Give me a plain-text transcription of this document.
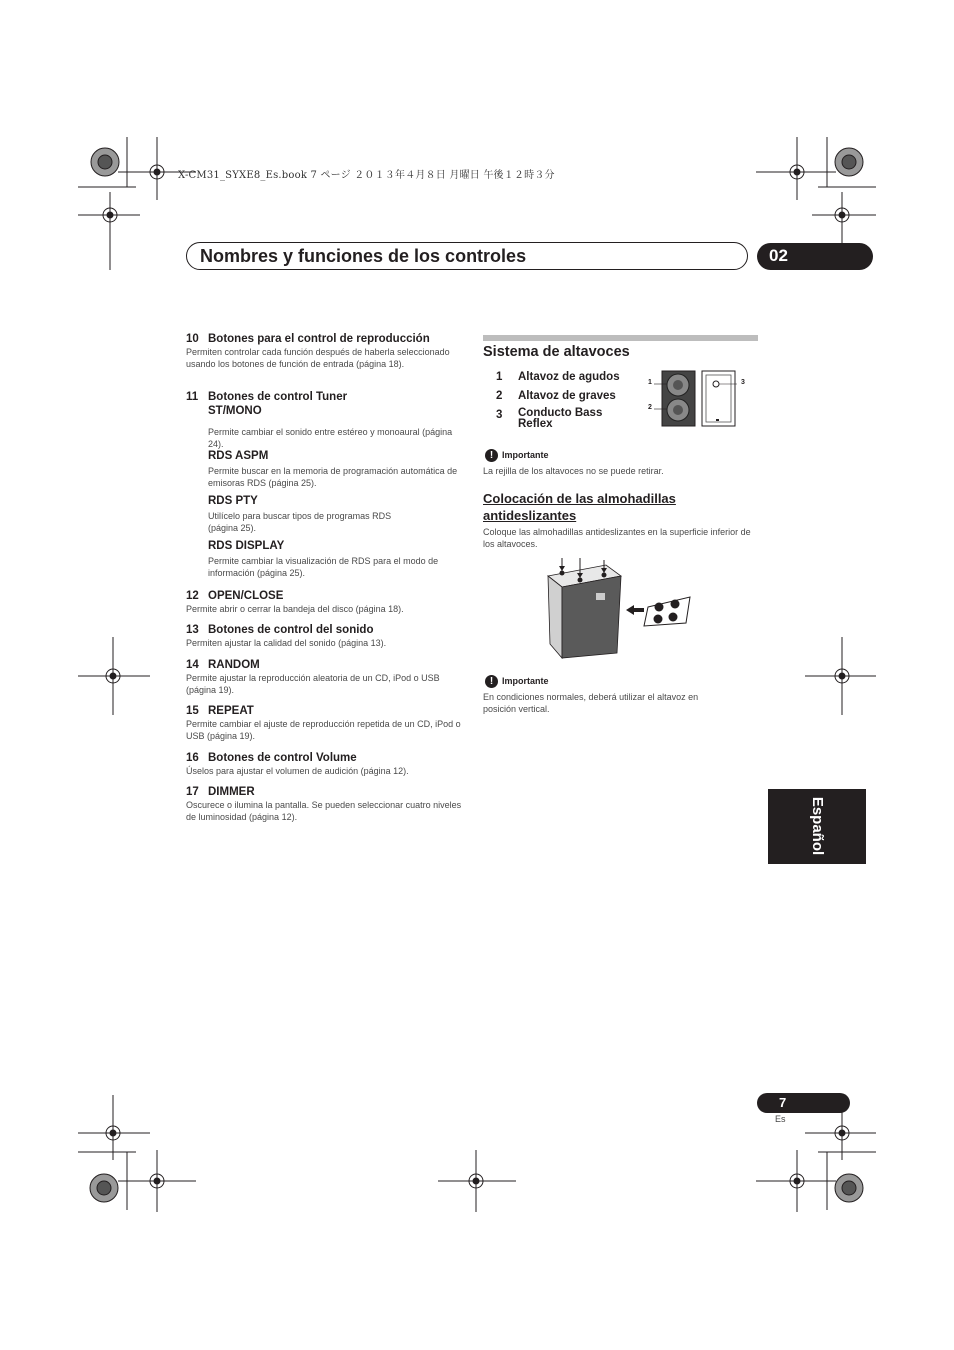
X-CM31_SYXE8_Es.book 7 ページ ２０１３年４月８日 月曜日 午後１２時３分
Nombres y funciones de los controles	02
10 Botones para el control de reproducción
Permiten controlar cada función después de haberla seleccionado usando los botones de función de entrada (página 18).
11 Botones de control Tuner
ST/MONO
Permite cambiar el sonido entre estéreo y monoaural (página 24).
RDS ASPM
Permite buscar en la memoria de programación automática de emisoras RDS (página 25).
RDS PTY
Utilícelo para buscar tipos de programas RDS (página 25).
RDS DISPLAY
Permite cambiar la visualización de RDS para el modo de información (página 25).
12 OPEN/CLOSE
Permite abrir o cerrar la bandeja del disco (página 18).
13 Botones de control del sonido
Permiten ajustar la calidad del sonido (página 13).
14 RANDOM
Permite ajustar la reproducción aleatoria de un CD, iPod o USB (página 19).
15 REPEAT
Permite cambiar el ajuste de reproducción repetida de un CD, iPod o USB (página 19).
16 Botones de control Volume
Úselos para ajustar el volumen de audición (página 12).
17 DIMMER
Oscurece o ilumina la pantalla. Se pueden seleccionar cuatro niveles de luminosidad (página 12).
Sistema de altavoces
1 Altavoz de agudos
2 Altavoz de graves
3	Conducto Bass Reflex
1
2
3
! Importante
La rejilla de los altavoces no se puede retirar.
Colocación de las almohadillas antideslizantes
Coloque las almohadillas antideslizantes en la superficie inferior de los altavoces.
! Importante
En condiciones normales, deberá utilizar el altavoz en posición vertical.
Español
7
Es
